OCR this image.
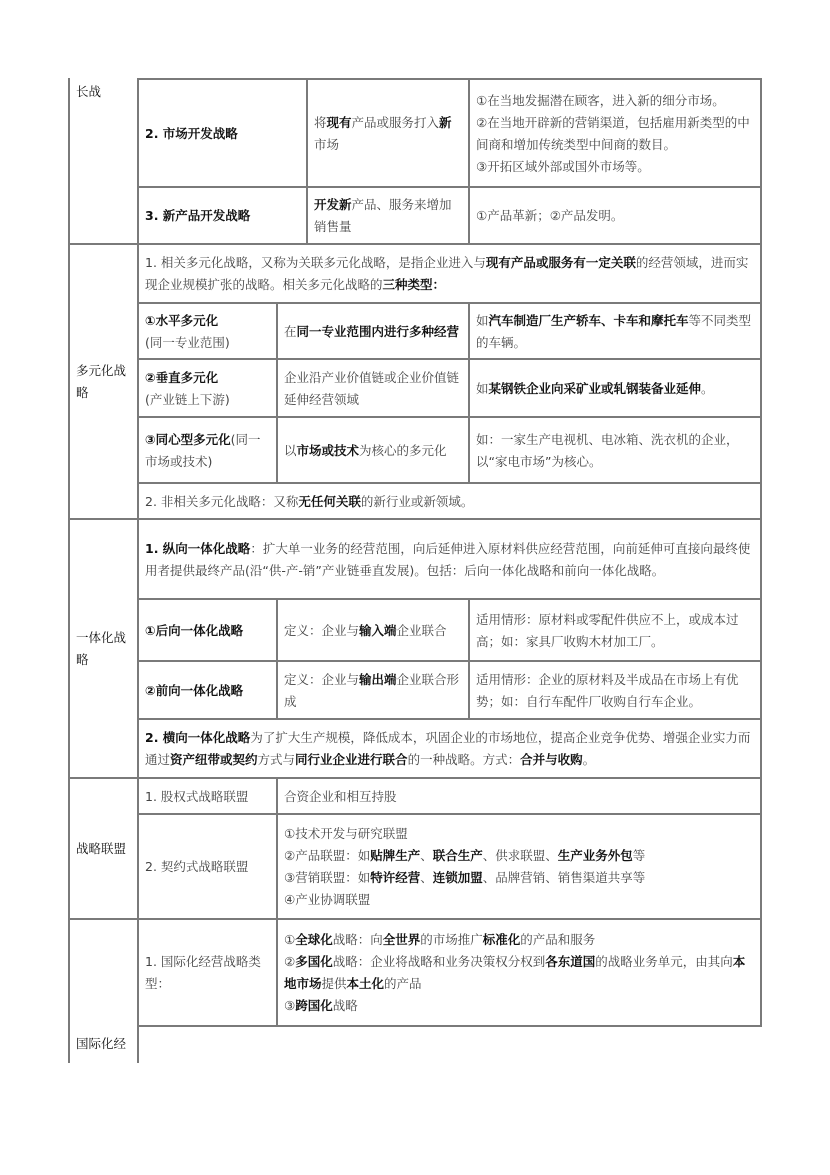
长战
2. 市场开发战略
将现有产品或服务打入新市场
①在当地发掘潜在顾客，进入新的细分市场。
②在当地开辟新的营销渠道，包括雇用新类型的中间商和增加传统类型中间商的数目。
③开拓区域外部或国外市场等。
3. 新产品开发战略
开发新产品、服务来增加销售量
①产品革新；②产品发明。
多元化战略
1. 相关多元化战略，又称为关联多元化战略，是指企业进入与现有产品或服务有一定关联的经营领域，进而实现企业规模扩张的战略。相关多元化战略的三种类型：
①水平多元化
(同一专业范围)
在同一专业范围内进行多种经营
如汽车制造厂生产轿车、卡车和摩托车等不同类型的车辆。
②垂直多元化
(产业链上下游)
企业沿产业价值链或企业价值链延伸经营领域
如某钢铁企业向采矿业或轧钢装备业延伸。
③同心型多元化(同一市场或技术)
以市场或技术为核心的多元化
如：一家生产电视机、电冰箱、洗衣机的企业，以“家电市场”为核心。
2. 非相关多元化战略：又称无任何关联的新行业或新领域。
一体化战略
1. 纵向一体化战略：扩大单一业务的经营范围，向后延伸进入原材料供应经营范围，向前延伸可直接向最终使用者提供最终产品(沿“供-产-销”产业链垂直发展)。包括：后向一体化战略和前向一体化战略。
①后向一体化战略	定义：企业与输入端企业联合
适用情形：原材料或零配件供应不上，或成本过高；如：家具厂收购木材加工厂。
②前向一体化战略
定义：企业与输出端企业联合形成
适用情形：企业的原材料及半成品在市场上有优势；如：自行车配件厂收购自行车企业。
2. 横向一体化战略为了扩大生产规模，降低成本，巩固企业的市场地位，提高企业竞争优势、增强企业实力而通过资产纽带或契约方式与同行业企业进行联合的一种战略。方式：合并与收购。
战略联盟
1. 股权式战略联盟	合资企业和相互持股
2. 契约式战略联盟
①技术开发与研究联盟
②产品联盟：如贴牌生产、联合生产、供求联盟、生产业务外包等
③营销联盟：如特许经营、连锁加盟、品牌营销、销售渠道共享等
④产业协调联盟
国际化经
1. 国际化经营战略类型：
①全球化战略：向全世界的市场推广标准化的产品和服务
②多国化战略：企业将战略和业务决策权分权到各东道国的战略业务单元，由其向本地市场提供本土化的产品
③跨国化战略
